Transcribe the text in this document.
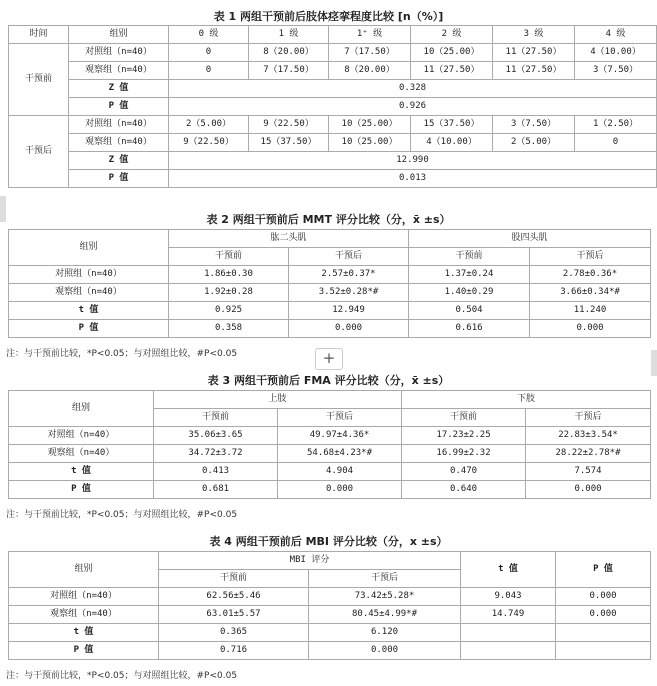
表 1 两组干预前后肢体痉挛程度比较 [n（%）]
时间	组别	0 级	1 级	1⁺ 级	2 级	3 级	4 级
干预前	对照组（n=40）	0	8（20.00）	7（17.50）	10（25.00）	11（27.50）	4（10.00）
	观察组（n=40）	0	7（17.50）	8（20.00）	11（27.50）	11（27.50）	3（7.50）
	Z 值	0.328					
	P 值	0.926					
干预后	对照组（n=40）	2（5.00）	9（22.50）	10（25.00）	15（37.50）	3（7.50）	1（2.50）
	观察组（n=40）	9（22.50）	15（37.50）	10（25.00）	4（10.00）	2（5.00）	0
	Z 值	12.990					
	P 值	0.013					
表 2 两组干预前后 MMT 评分比较（分，x̄ ±s）
组别	肱二头肌		股四头肌	
	干预前	干预后	干预前	干预后
对照组（n=40）	1.86±0.30	2.57±0.37*	1.37±0.24	2.78±0.36*
观察组（n=40）	1.92±0.28	3.52±0.28*#	1.40±0.29	3.66±0.34*#
t 值	0.925	12.949	0.504	11.240
P 值	0.358	0.000	0.616	0.000
注：与干预前比较，*P<0.05；与对照组比较，#P<0.05	+
表 3 两组干预前后 FMA 评分比较（分，x̄ ±s）
组别	上肢		下肢	
	干预前	干预后	干预前	干预后
对照组（n=40）	35.06±3.65	49.97±4.36*	17.23±2.25	22.83±3.54*
观察组（n=40）	34.72±3.72	54.68±4.23*#	16.99±2.32	28.22±2.78*#
t 值	0.413	4.904	0.470	7.574
P 值	0.681	0.000	0.640	0.000
注：与干预前比较，*P<0.05；与对照组比较，#P<0.05
表 4 两组干预前后 MBI 评分比较（分，x ±s）
组别	MBI 评分		t 值	P 值
	干预前	干预后		
对照组（n=40）	62.56±5.46	73.42±5.28*	9.043	0.000
观察组（n=40）	63.01±5.57	80.45±4.99*#	14.749	0.000
t 值	0.365	6.120		
P 值	0.716	0.000		
注：与干预前比较，*P<0.05；与对照组比较，#P<0.05
